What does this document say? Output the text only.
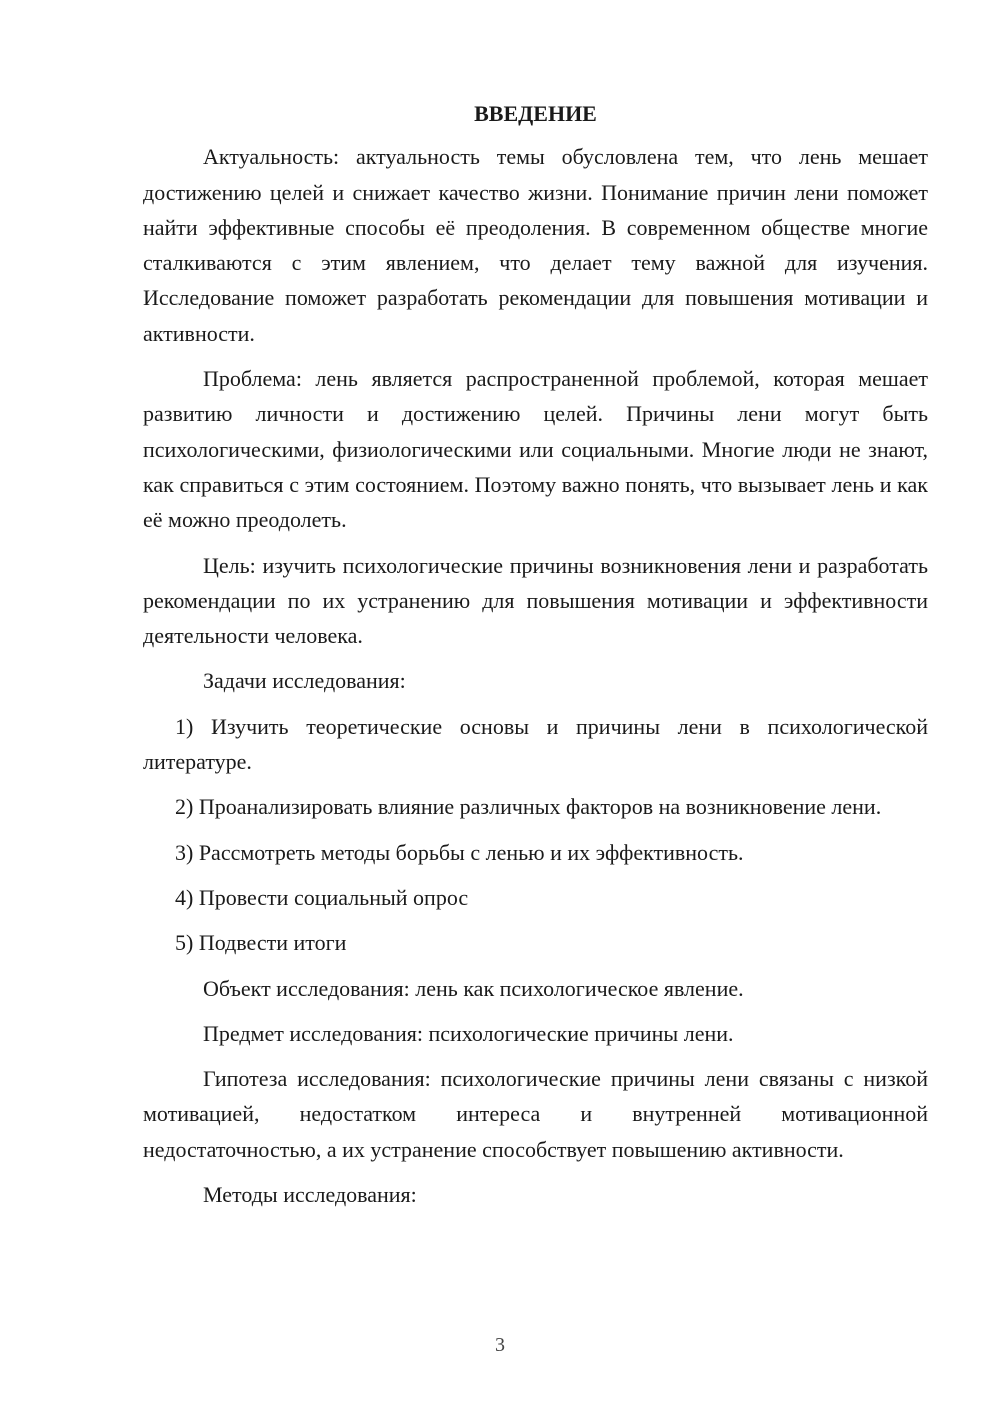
ВВЕДЕНИЕ

Актуальность: актуальность темы обусловлена тем, что лень мешает достижению целей и снижает качество жизни. Понимание причин лени поможет найти эффективные способы её преодоления. В современном обществе многие сталкиваются с этим явлением, что делает тему важной для изучения. Исследование поможет разработать рекомендации для повышения мотивации и активности.

Проблема: лень является распространенной проблемой, которая мешает развитию личности и достижению целей. Причины лени могут быть психологическими, физиологическими или социальными. Многие люди не знают, как справиться с этим состоянием. Поэтому важно понять, что вызывает лень и как её можно преодолеть.

Цель: изучить психологические причины возникновения лени и разработать рекомендации по их устранению для повышения мотивации и эффективности деятельности человека.

Задачи исследования:

1) Изучить теоретические основы и причины лени в психологической литературе.

2) Проанализировать влияние различных факторов на возникновение лени.

3) Рассмотреть методы борьбы с ленью и их эффективность.

4) Провести социальный опрос

5) Подвести итоги

Объект исследования: лень как психологическое явление.

Предмет исследования: психологические причины лени.

Гипотеза исследования: психологические причины лени связаны с низкой мотивацией, недостатком интереса и внутренней мотивационной недостаточностью, а их устранение способствует повышению активности.

Методы исследования:

3
